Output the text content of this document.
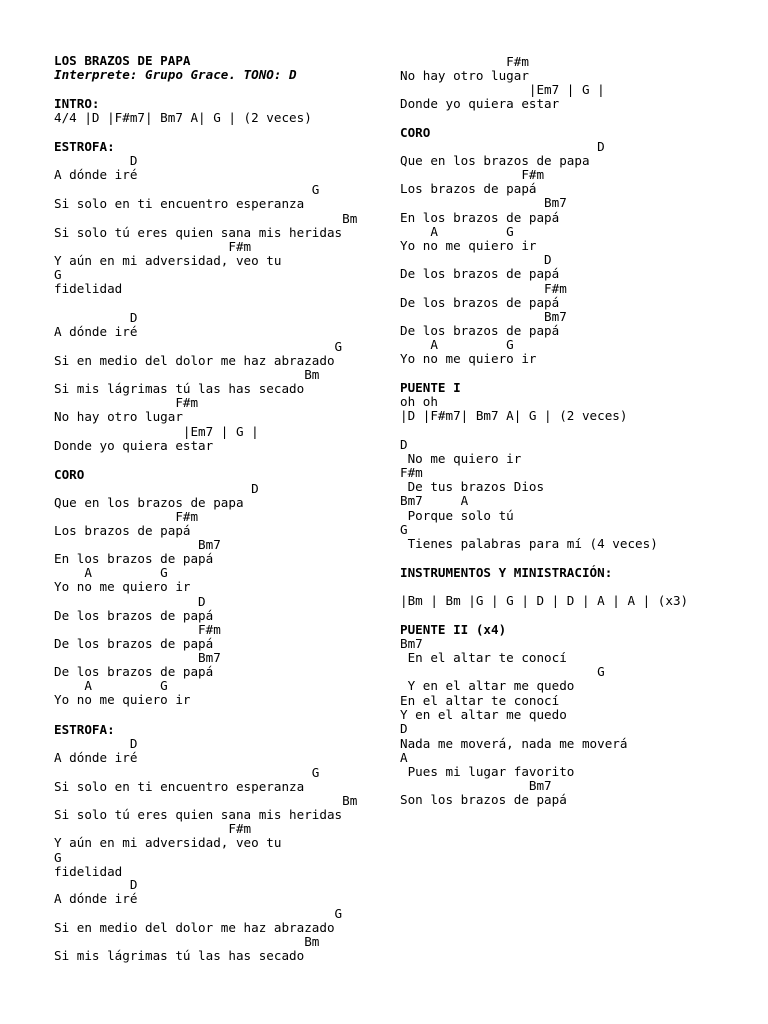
LOS BRAZOS DE PAPA
Interprete: Grupo Grace. TONO: D
INTRO:
4/4 |D |F#m7| Bm7 A| G | (2 veces)
ESTROFA:
D
A dónde iré
G
Si solo en ti encuentro esperanza
Bm
Si solo tú eres quien sana mis heridas
F#m
Y aún en mi adversidad, veo tu
G
fidelidad
D
A dónde iré
G
Si en medio del dolor me haz abrazado
Bm
Si mis lágrimas tú las has secado
F#m
No hay otro lugar
|Em7 | G |
Donde yo quiera estar
CORO
D
Que en los brazos de papa
F#m
Los brazos de papá
Bm7
En los brazos de papá
A         G
Yo no me quiero ir
D
De los brazos de papá
F#m
De los brazos de papá
Bm7
De los brazos de papá
A         G
Yo no me quiero ir
ESTROFA:
D
A dónde iré
G
Si solo en ti encuentro esperanza
Bm
Si solo tú eres quien sana mis heridas
F#m
Y aún en mi adversidad, veo tu
G
fidelidad
D
A dónde iré
G
Si en medio del dolor me haz abrazado
Bm
Si mis lágrimas tú las has secado
F#m
No hay otro lugar
|Em7 | G |
Donde yo quiera estar
CORO
D
Que en los brazos de papa
F#m
Los brazos de papá
Bm7
En los brazos de papá
A         G
Yo no me quiero ir
D
De los brazos de papá
F#m
De los brazos de papá
Bm7
De los brazos de papá
A         G
Yo no me quiero ir
PUENTE I
oh oh
|D |F#m7| Bm7 A| G | (2 veces)
D
No me quiero ir
F#m
De tus brazos Dios
Bm7     A
Porque solo tú
G
Tienes palabras para mí (4 veces)
INSTRUMENTOS Y MINISTRACIÓN:
|Bm | Bm |G | G | D | D | A | A | (x3)
PUENTE II (x4)
Bm7
En el altar te conocí
G
Y en el altar me quedo
En el altar te conocí
Y en el altar me quedo
D
Nada me moverá, nada me moverá
A
Pues mi lugar favorito
Bm7
Son los brazos de papá
